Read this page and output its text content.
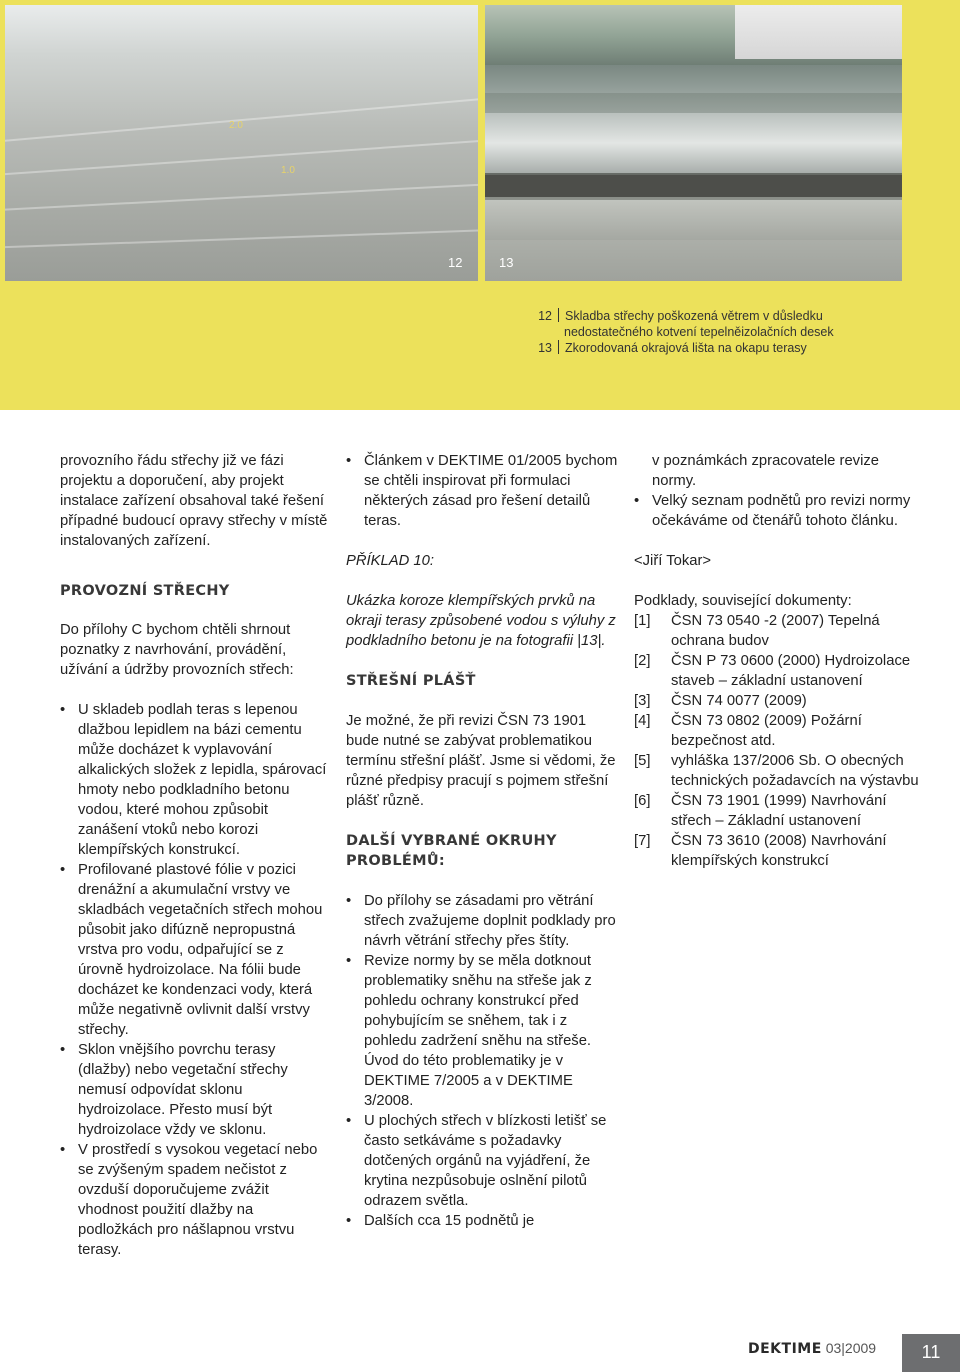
2.0
1.0
12	13
12	Skladba střechy poškozená větrem v důsledku
nedostatečného kotvení tepelněizolačních desek
13	Zkorodovaná okrajová lišta na okapu terasy

provozního řádu střechy již ve fázi projektu a doporučení, aby projekt instalace zařízení obsahoval také řešení případné budoucí opravy střechy v místě instalovaných zařízení.

PROVOZNÍ STŘECHY

Do přílohy C bychom chtěli shrnout poznatky z navrhování, provádění, užívání a údržby provozních střech:

• U skladeb podlah teras s lepenou dlažbou lepidlem na bázi cementu může docházet k vyplavování alkalických složek z lepidla, spárovací hmoty nebo podkladního betonu vodou, které mohou způsobit zanášení vtoků nebo korozi klempířských konstrukcí.
• Profilované plastové fólie v pozici drenážní a akumulační vrstvy ve skladbách vegetačních střech mohou působit jako difúzně nepropustná vrstva pro vodu, odpařující se z úrovně hydroizolace. Na fólii bude docházet ke kondenzaci vody, která může negativně ovlivnit další vrstvy střechy.
• Sklon vnějšího povrchu terasy (dlažby) nebo vegetační střechy nemusí odpovídat sklonu hydroizolace. Přesto musí být hydroizolace vždy ve sklonu.
• V prostředí s vysokou vegetací nebo se zvýšeným spadem nečistot z ovzduší doporučujeme zvážit vhodnost použití dlažby na podložkách pro nášlapnou vrstvu terasy.
• Článkem v DEKTIME 01/2005 bychom se chtěli inspirovat při formulaci některých zásad pro řešení detailů teras.

PŘÍKLAD 10:

Ukázka koroze klempířských prvků na okraji terasy způsobené vodou s výluhy z podkladního betonu je na fotografii |13|.

STŘEŠNÍ PLÁŠŤ

Je možné, že při revizi ČSN 73 1901 bude nutné se zabývat problematikou termínu střešní plášť. Jsme si vědomi, že různé předpisy pracují s pojmem střešní plášť různě.

DALŠÍ VYBRANÉ OKRUHY PROBLÉMŮ:
• Do přílohy se zásadami pro větrání střech zvažujeme doplnit podklady pro návrh větrání střechy přes štíty.
• Revize normy by se měla dotknout problematiky sněhu na střeše jak z pohledu ochrany konstrukcí před pohybujícím se sněhem, tak i z pohledu zadržení sněhu na střeše. Úvod do této problematiky je v DEKTIME 7/2005 a v DEKTIME 3/2008.
• U plochých střech v blízkosti letišť se často setkáváme s požadavky dotčených orgánů na vyjádření, že krytina nezpůsobuje oslnění pilotů odrazem světla.
• Dalších cca 15 podnětů je

v poznámkách zpracovatele revize normy.

• Velký seznam podnětů pro revizi normy očekáváme od čtenářů tohoto článku.

<Jiří Tokar>

Podklady, související dokumenty:

[1]	ČSN 73 0540 -2 (2007) Tepelná ochrana budov
[2]	ČSN P 73 0600 (2000) Hydroizolace staveb – základní ustanovení
[3]	ČSN 74 0077 (2009)
[4]	ČSN 73 0802 (2009) Požární bezpečnost atd.
[5]	vyhláška 137/2006 Sb. O obecných technických požadavcích na výstavbu
[6]	ČSN 73 1901 (1999) Navrhování střech – Základní ustanovení
[7]	ČSN 73 3610 (2008) Navrhování klempířských konstrukcí
DEKTIME 03|2009	11
